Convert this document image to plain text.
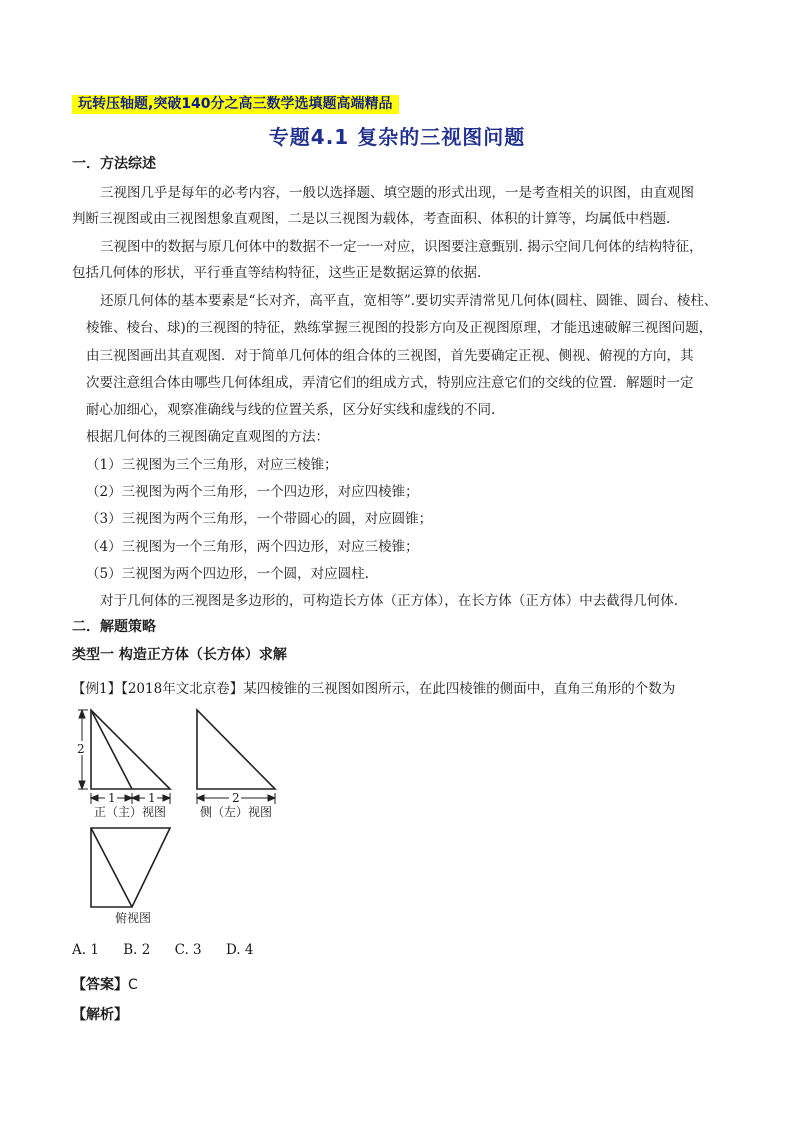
玩转压轴题,突破140分之高三数学选填题高端精品
专题4.1 复杂的三视图问题
一．方法综述
三视图几乎是每年的必考内容，一般以选择题、填空题的形式出现，一是考查相关的识图，由直观图
判断三视图或由三视图想象直观图，二是以三视图为载体，考查面积、体积的计算等，均属低中档题.
三视图中的数据与原几何体中的数据不一定一一对应，识图要注意甄别. 揭示空间几何体的结构特征，
包括几何体的形状，平行垂直等结构特征，这些正是数据运算的依据.
还原几何体的基本要素是“长对齐，高平直，宽相等”.要切实弄清常见几何体(圆柱、圆锥、圆台、棱柱、
棱锥、棱台、球)的三视图的特征，熟练掌握三视图的投影方向及正视图原理，才能迅速破解三视图问题，
由三视图画出其直观图．对于简单几何体的组合体的三视图，首先要确定正视、侧视、俯视的方向，其
次要注意组合体由哪些几何体组成，弄清它们的组成方式，特别应注意它们的交线的位置．解题时一定
耐心加细心，观察准确线与线的位置关系，区分好实线和虚线的不同.
根据几何体的三视图确定直观图的方法：
（1）三视图为三个三角形，对应三棱锥；
（2）三视图为两个三角形，一个四边形，对应四棱锥；
（3）三视图为两个三角形，一个带圆心的圆，对应圆锥；
（4）三视图为一个三角形，两个四边形，对应三棱锥；
（5）三视图为两个四边形，一个圆，对应圆柱.
对于几何体的三视图是多边形的，可构造长方体（正方体），在长方体（正方体）中去截得几何体.
二．解题策略
类型一 构造正方体（长方体）求解
【例1】【2018年文北京卷】某四棱锥的三视图如图所示，在此四棱锥的侧面中，直角三角形的个数为
2
1	1
正（主）视图
2
侧（左）视图
俯视图
A. 1 B. 2 C. 3 D. 4
【答案】C
【解析】
